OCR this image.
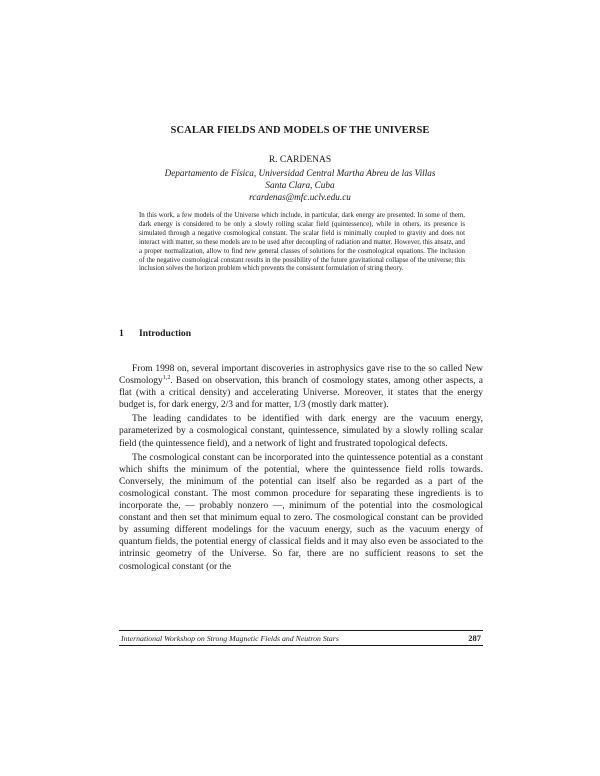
SCALAR FIELDS AND MODELS OF THE UNIVERSE
R. CARDENAS
Departamento de Física, Universidad Central Martha Abreu de las Villas
Santa Clara, Cuba
rcardenas@mfc.uclv.edu.cu

In this work, a few models of the Universe which include, in particular, dark energy are presented. In some of them, dark energy is considered to be only a slowly rolling scalar field (quintessence), while in others, its presence is simulated through a negative cosmological constant. The scalar field is minimally coupled to gravity and does not interact with matter, so these models are to be used after decoupling of radiation and matter. However, this ansatz, and a proper normalization, allow to find new general classes of solutions for the cosmological equations. The inclusion of the negative cosmological constant results in the possibility of the future gravitational collapse of the universe; this inclusion solves the horizon problem which prevents the consistent formulation of string theory.

1 Introduction

From 1998 on, several important discoveries in astrophysics gave rise to the so called New Cosmology$^{1,2}$. Based on observation, this branch of cosmology states, among other aspects, a flat (with a critical density) and accelerating Universe. Moreover, it states that the energy budget is, for dark energy, 2/3 and for matter, 1/3 (mostly dark matter).

The leading candidates to be identified with dark energy are the vacuum energy, parameterized by a cosmological constant, quintessence, simulated by a slowly rolling scalar field (the quintessence field), and a network of light and frustrated topological defects.

The cosmological constant can be incorporated into the quintessence potential as a constant which shifts the minimum of the potential, where the quintessence field rolls towards. Conversely, the minimum of the potential can itself also be regarded as a part of the cosmological constant. The most common procedure for separating these ingredients is to incorporate the, — probably nonzero —, minimum of the potential into the cosmological constant and then set that minimum equal to zero. The cosmological constant can be provided by assuming different modelings for the vacuum energy, such as the vacuum energy of quantum fields, the potential energy of classical fields and it may also even be associated to the intrinsic geometry of the Universe. So far, there are no sufficient reasons to set the cosmological constant (or the

International Workshop on Strong Magnetic Fields and Neutron Stars	287
